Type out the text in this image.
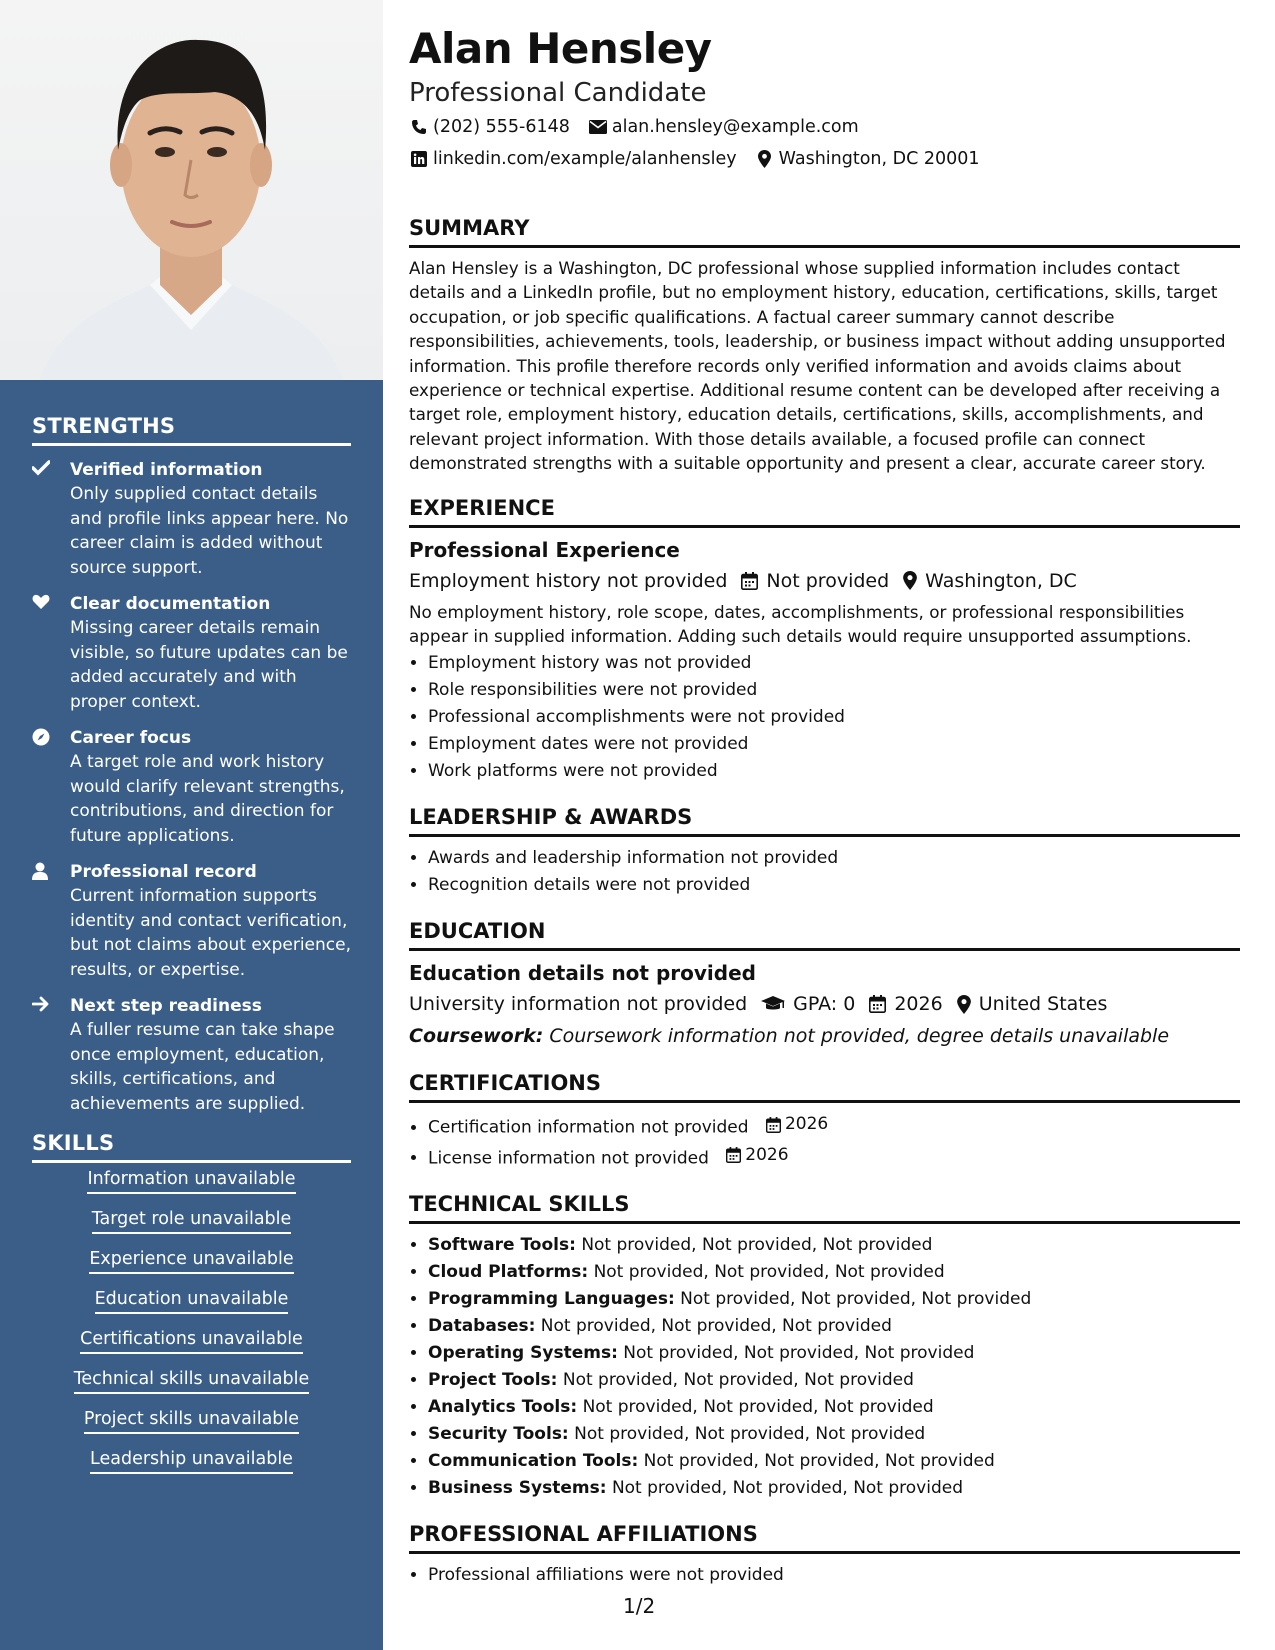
STRENGTHS
Verified information
Only supplied contact details and profile links appear here. No career claim is added without source support.
Clear documentation
Missing career details remain visible, so future updates can be added accurately and with proper context.
Career focus
A target role and work history would clarify relevant strengths, contributions, and direction for future applications.
Professional record
Current information supports identity and contact verification, but not claims about experience, results, or expertise.
Next step readiness
A fuller resume can take shape once employment, education, skills, certifications, and achievements are supplied.
SKILLS
Information unavailable
Target role unavailable
Experience unavailable
Education unavailable
Certifications unavailable
Technical skills unavailable
Project skills unavailable
Leadership unavailable
Alan Hensley
Professional Candidate
(202) 555-6148 alan.hensley@example.com
linkedin.com/example/alanhensley Washington, DC 20001
SUMMARY

Alan Hensley is a Washington, DC professional whose supplied information includes contact details and a LinkedIn profile, but no employment history, education, certifications, skills, target occupation, or job specific qualifications. A factual career summary cannot describe responsibilities, achievements, tools, leadership, or business impact without adding unsupported information. This profile therefore records only verified information and avoids claims about experience or technical expertise. Additional resume content can be developed after receiving a target role, employment history, education details, certifications, skills, accomplishments, and relevant project information. With those details available, a focused profile can connect demonstrated strengths with a suitable opportunity and present a clear, accurate career story.

EXPERIENCE
Professional Experience
Employment history not provided Not provided Washington, DC

No employment history, role scope, dates, accomplishments, or professional responsibilities appear in supplied information. Adding such details would require unsupported assumptions.

• Employment history was not provided
• Role responsibilities were not provided
• Professional accomplishments were not provided
• Employment dates were not provided
• Work platforms were not provided
LEADERSHIP & AWARDS
• Awards and leadership information not provided
• Recognition details were not provided
EDUCATION
Education details not provided
University information not provided GPA: 0 2026 United States
Coursework: Coursework information not provided, degree details unavailable
CERTIFICATIONS
• Certification information not provided 2026
• License information not provided 2026
TECHNICAL SKILLS
• Software Tools: Not provided, Not provided, Not provided
• Cloud Platforms: Not provided, Not provided, Not provided
• Programming Languages: Not provided, Not provided, Not provided
• Databases: Not provided, Not provided, Not provided
• Operating Systems: Not provided, Not provided, Not provided
• Project Tools: Not provided, Not provided, Not provided
• Analytics Tools: Not provided, Not provided, Not provided
• Security Tools: Not provided, Not provided, Not provided
• Communication Tools: Not provided, Not provided, Not provided
• Business Systems: Not provided, Not provided, Not provided
PROFESSIONAL AFFILIATIONS
• Professional affiliations were not provided
1/2
